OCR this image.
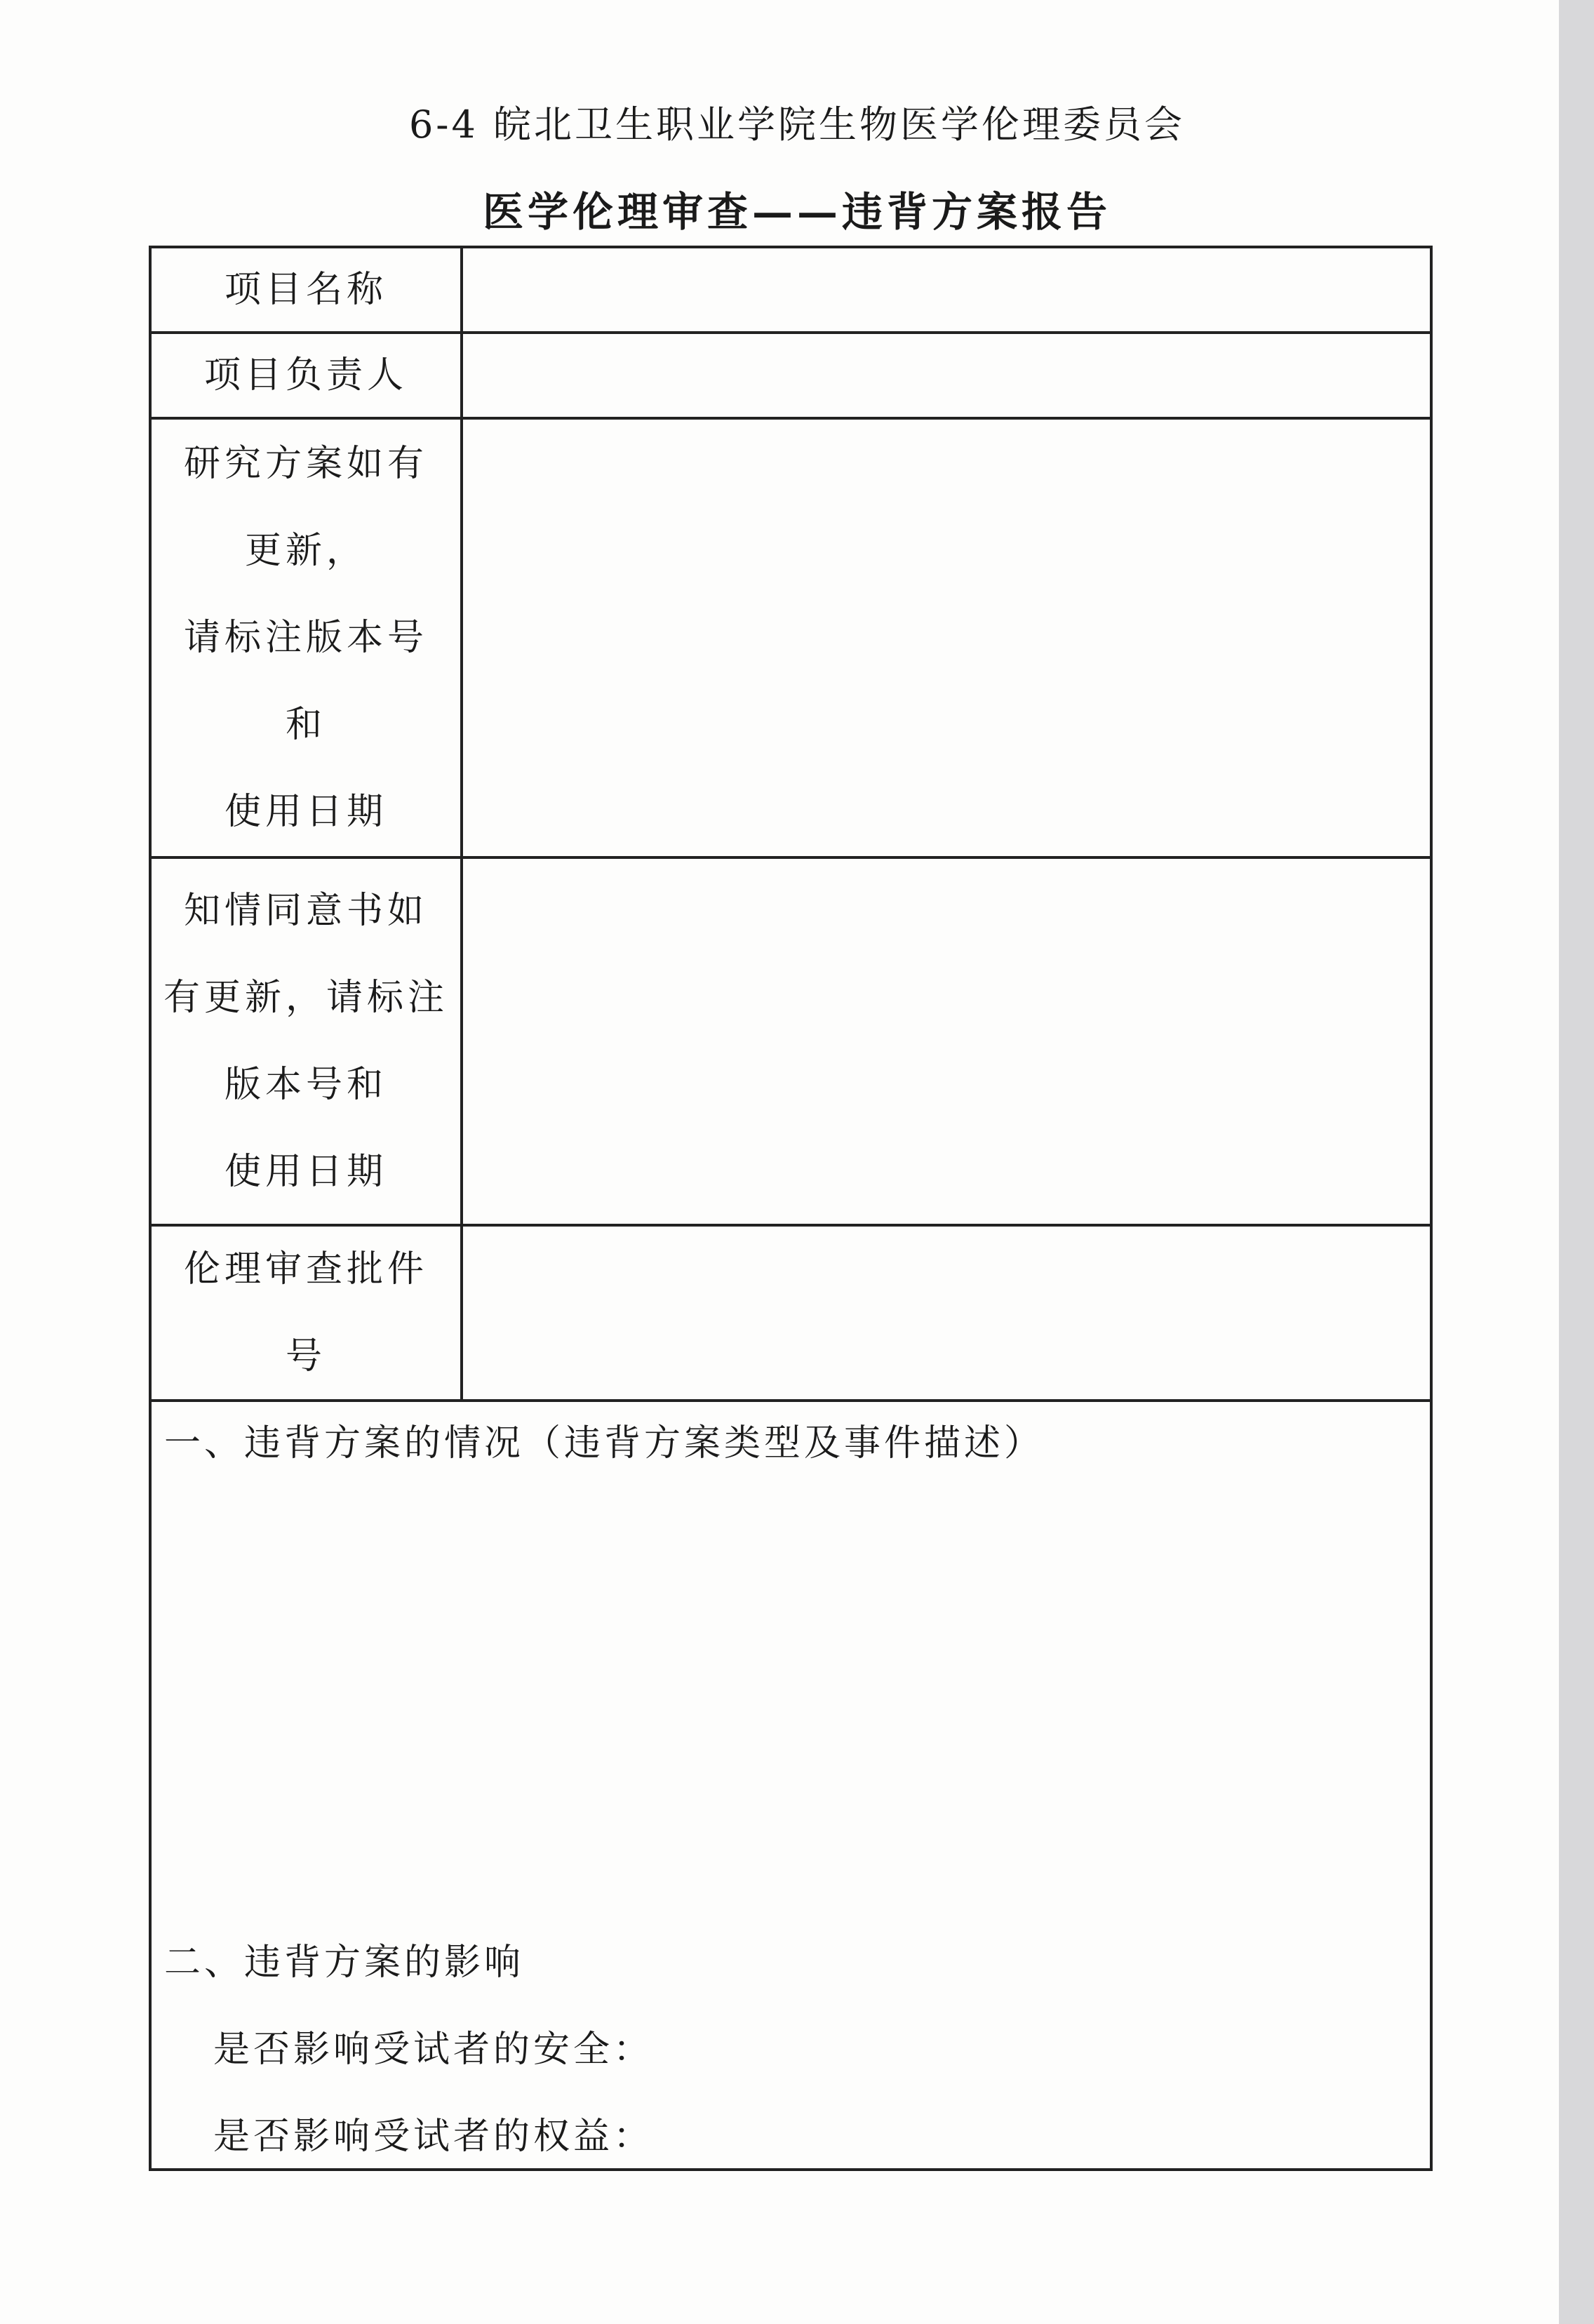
6-4 皖北卫生职业学院生物医学伦理委员会
医学伦理审查——违背方案报告
项目名称
项目负责人
研究方案如有
更新，
请标注版本号
和
使用日期
知情同意书如
有更新，请标注
版本号和
使用日期
伦理审查批件
号
一、违背方案的情况（违背方案类型及事件描述）
二、违背方案的影响
是否影响受试者的安全：
是否影响受试者的权益：
